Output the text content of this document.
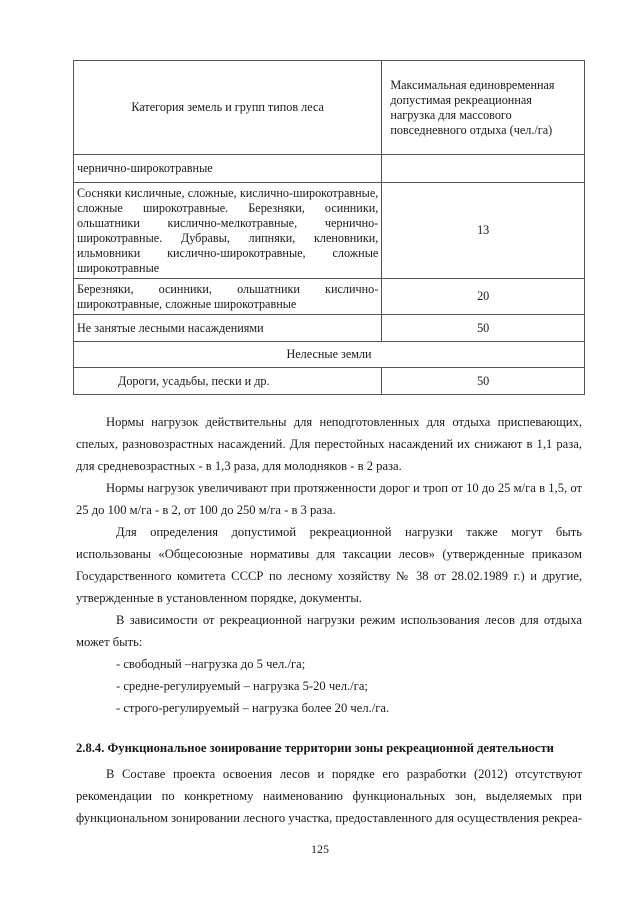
Категория земель и групп типов леса	Максимальная единовременная допустимая рекреационная нагрузка для массового повседневного отдыха (чел./га)
чернично-широкотравные	
Сосняки кисличные, сложные, кислично-широкотравные, сложные широкотравные. Березняки, осинники, ольшатники кислично-мелкотравные, чернично-широкотравные. Дубравы, липняки, кленовники, ильмовники кислично-широкотравные, сложные широкотравные	13
Березняки, осинники, ольшатники кислично-широкотравные, сложные широкотравные	20
Не занятые лесными насаждениями	50
Нелесные земли	
Дороги, усадьбы, пески и др.	50

Нормы нагрузок действительны для неподготовленных для отдыха приспевающих, спелых, разновозрастных насаждений. Для перестойных насаждений их снижают в 1,1 раза, для средневозрастных - в 1,3 раза, для молодняков - в 2 раза.

Нормы нагрузок увеличивают при протяженности дорог и троп от 10 до 25 м/га в 1,5, от 25 до 100 м/га - в 2, от 100 до 250 м/га - в 3 раза.

Для определения допустимой рекреационной нагрузки также могут быть использованы «Общесоюзные нормативы для таксации лесов» (утвержденные приказом Государственного комитета СССР по лесному хозяйству № 38 от 28.02.1989 г.) и другие, утвержденные в установленном порядке, документы.

В зависимости от рекреационной нагрузки режим использования лесов для отдыха может быть:

- свободный –нагрузка до 5 чел./га;

- средне-регулируемый – нагрузка 5-20 чел./га;

- строго-регулируемый – нагрузка более 20 чел./га.

2.8.4. Функциональное зонирование территории зоны рекреационной деятельности

В Составе проекта освоения лесов и порядке его разработки (2012) отсутствуют рекомендации по конкретному наименованию функциональных зон, выделяемых при функциональном зонировании лесного участка, предоставленного для осуществления рекреа-

125
